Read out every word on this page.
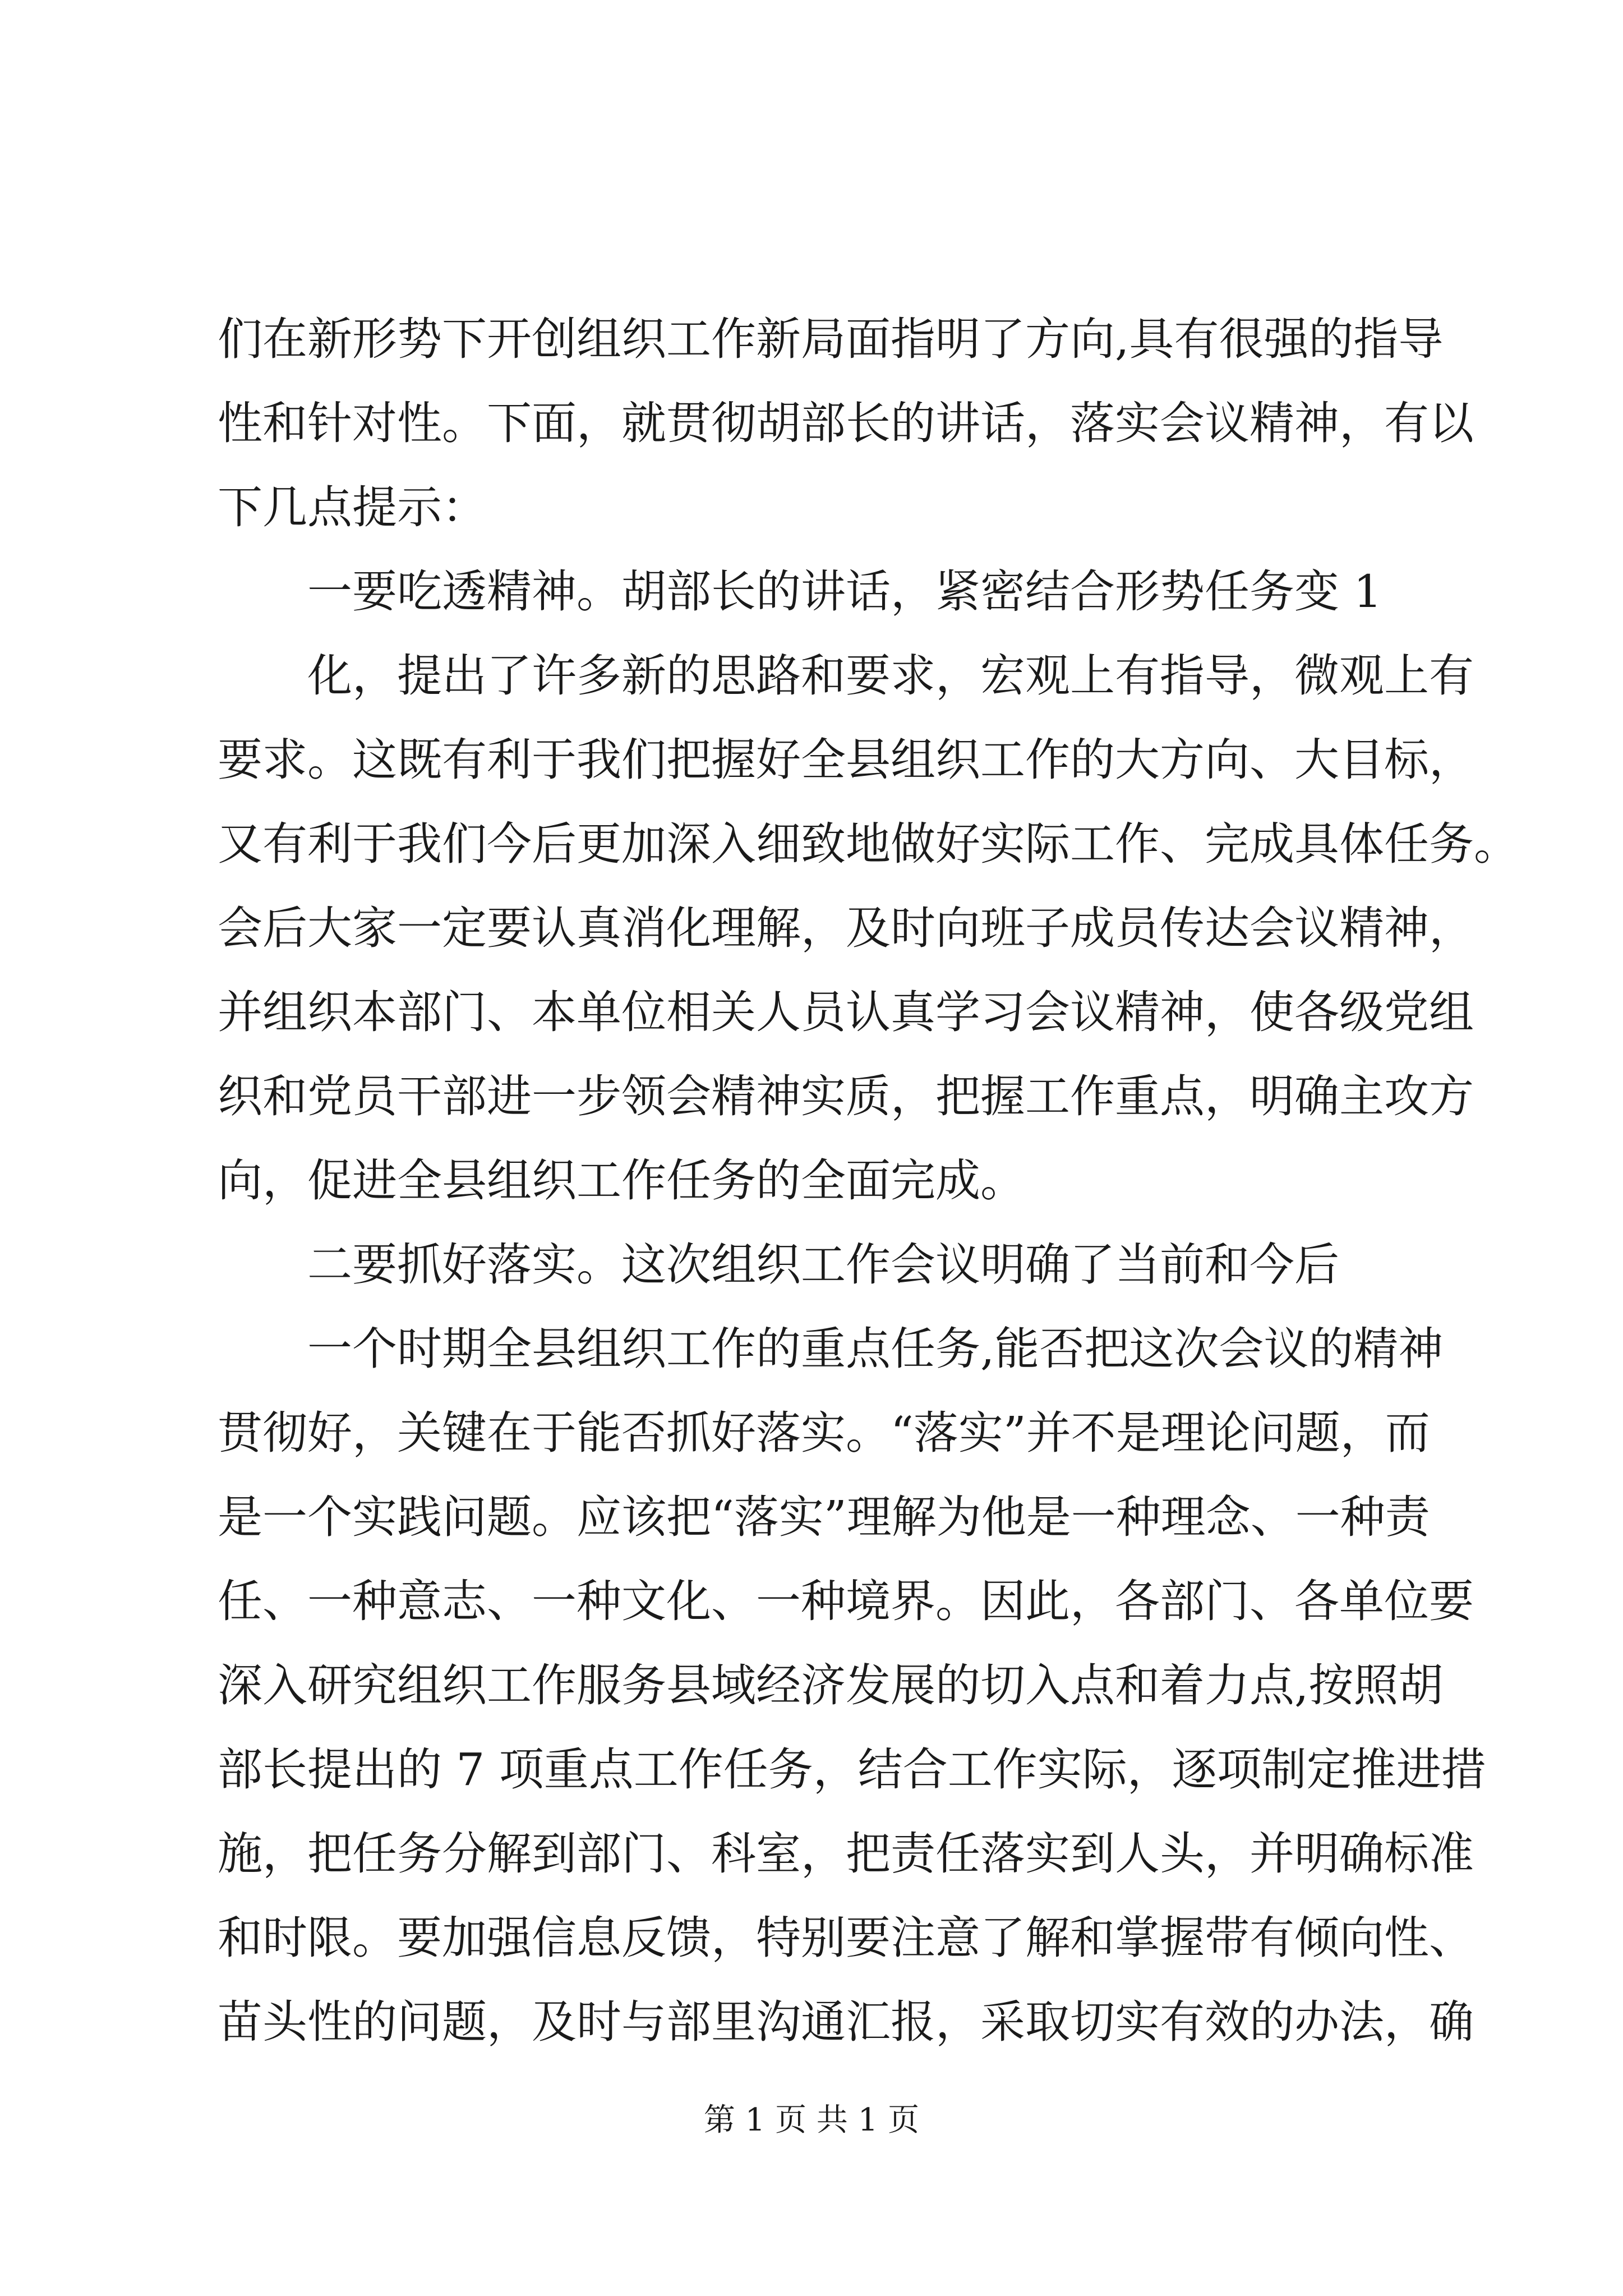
们在新形势下开创组织工作新局面指明了方向,具有很强的指导
性和针对性。下面，就贯彻胡部长的讲话，落实会议精神，有以
下几点提示：
一要吃透精神。胡部长的讲话，紧密结合形势任务变 1
化，提出了许多新的思路和要求，宏观上有指导，微观上有
要求。这既有利于我们把握好全县组织工作的大方向、大目标，
又有利于我们今后更加深入细致地做好实际工作、完成具体任务。
会后大家一定要认真消化理解，及时向班子成员传达会议精神，
并组织本部门、本单位相关人员认真学习会议精神，使各级党组
织和党员干部进一步领会精神实质，把握工作重点，明确主攻方
向，促进全县组织工作任务的全面完成。
二要抓好落实。这次组织工作会议明确了当前和今后
一个时期全县组织工作的重点任务,能否把这次会议的精神
贯彻好，关键在于能否抓好落实。“落实”并不是理论问题，而
是一个实践问题。应该把“落实”理解为他是一种理念、一种责
任、一种意志、一种文化、一种境界。因此，各部门、各单位要
深入研究组织工作服务县域经济发展的切入点和着力点,按照胡
部长提出的 7 项重点工作任务，结合工作实际，逐项制定推进措
施，把任务分解到部门、科室，把责任落实到人头，并明确标准
和时限。要加强信息反馈，特别要注意了解和掌握带有倾向性、
苗头性的问题，及时与部里沟通汇报，采取切实有效的办法，确
第 1 页 共 1 页
